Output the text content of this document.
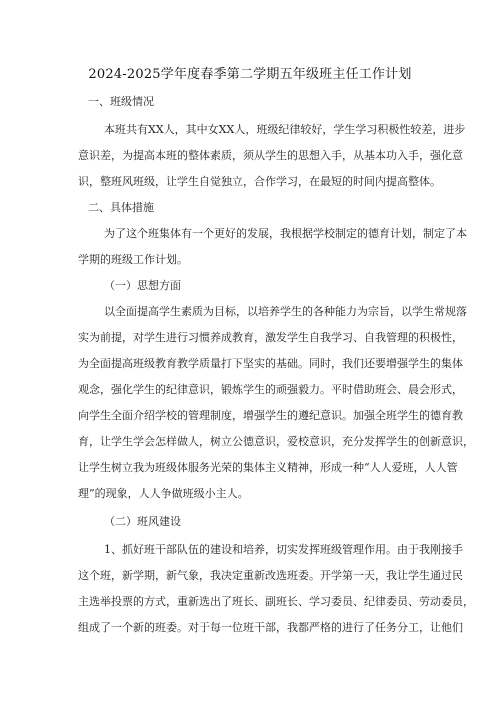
2024-2025学年度春季第二学期五年级班主任工作计划
一、班级情况
本班共有XX人，其中女XX人，班级纪律较好，学生学习积极性较差，进步
意识差，为提高本班的整体素质，须从学生的思想入手，从基本功入手，强化意
识，整班风班级，让学生自觉独立，合作学习，在最短的时间内提高整体。
二、具体措施
为了这个班集体有一个更好的发展，我根据学校制定的德育计划，制定了本
学期的班级工作计划。
（一）思想方面
以全面提高学生素质为目标，以培养学生的各种能力为宗旨，以学生常规落
实为前提，对学生进行习惯养成教育，激发学生自我学习、自我管理的积极性，
为全面提高班级教育教学质量打下坚实的基础。同时，我们还要增强学生的集体
观念，强化学生的纪律意识，锻炼学生的顽强毅力。平时借助班会、晨会形式，
向学生全面介绍学校的管理制度，增强学生的遵纪意识。加强全班学生的德育教
育，让学生学会怎样做人，树立公德意识，爱校意识，充分发挥学生的创新意识，
让学生树立我为班级体服务光荣的集体主义精神，形成一种“人人爱班，人人管
理”的现象，人人争做班级小主人。
（二）班风建设
1、抓好班干部队伍的建设和培养，切实发挥班级管理作用。由于我刚接手
这个班，新学期，新气象，我决定重新改选班委。开学第一天，我让学生通过民
主选举投票的方式，重新选出了班长、副班长、学习委员、纪律委员、劳动委员，
组成了一个新的班委。对于每一位班干部，我都严格的进行了任务分工，让他们
